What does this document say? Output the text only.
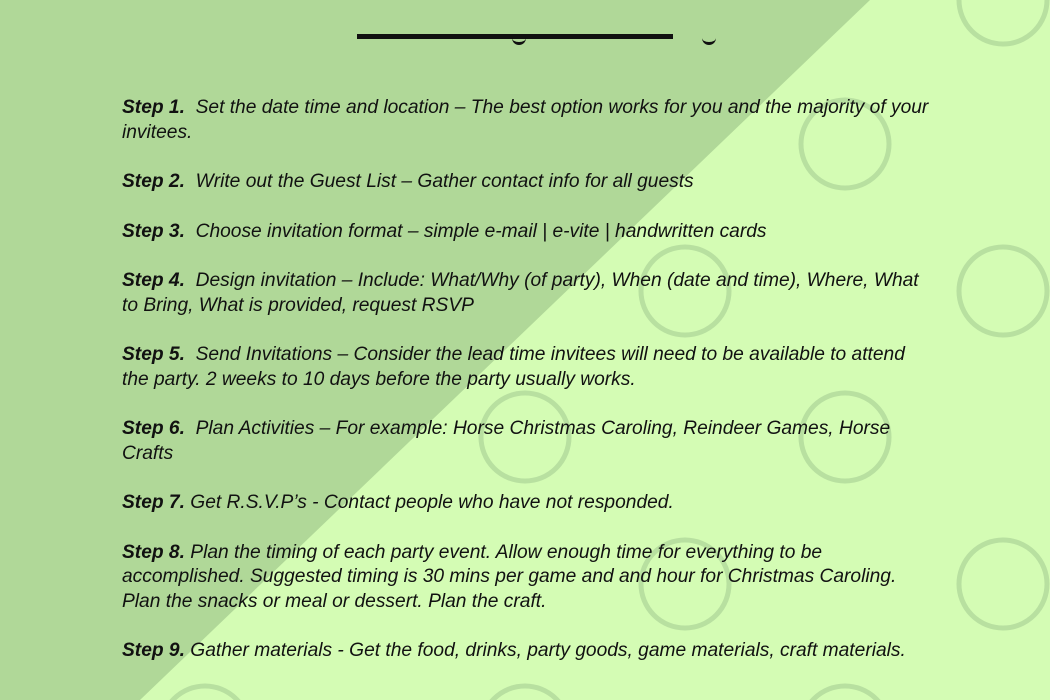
Step 1. Set the date time and location – The best option works for you and the majority of your invitees.
Step 2. Write out the Guest List – Gather contact info for all guests
Step 3. Choose invitation format – simple e-mail | e-vite | handwritten cards
Step 4. Design invitation – Include: What/Why (of party), When (date and time), Where, What to Bring, What is provided, request RSVP
Step 5. Send Invitations – Consider the lead time invitees will need to be available to attend the party. 2 weeks to 10 days before the party usually works.
Step 6. Plan Activities – For example: Horse Christmas Caroling, Reindeer Games, Horse Crafts
Step 7. Get R.S.V.P’s - Contact people who have not responded.
Step 8. Plan the timing of each party event. Allow enough time for everything to be accomplished. Suggested timing is 30 mins per game and and hour for Christmas Caroling. Plan the snacks or meal or dessert. Plan the craft.
Step 9. Gather materials - Get the food, drinks, party goods, game materials, craft materials.
